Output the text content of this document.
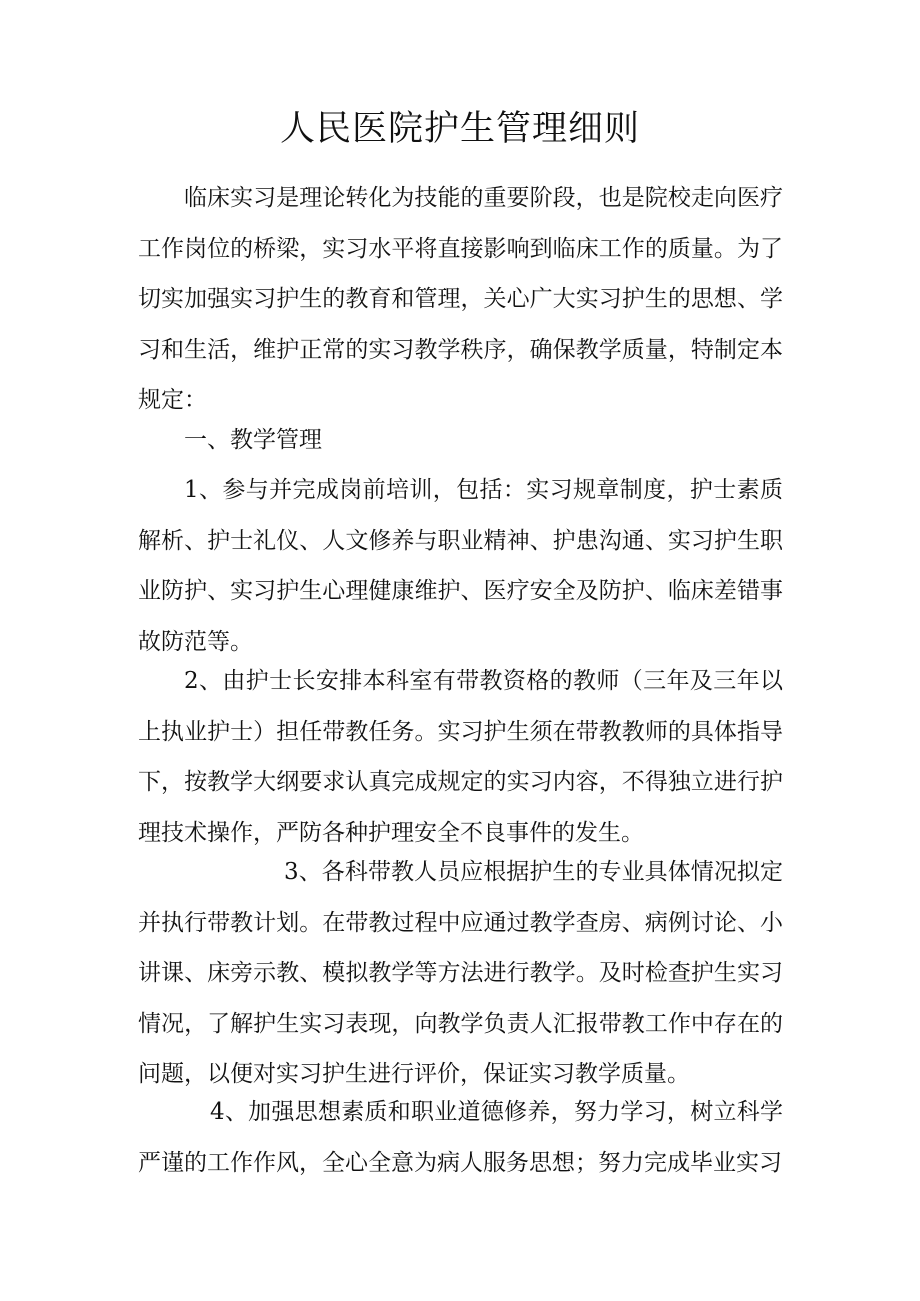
人民医院护生管理细则

临床实习是理论转化为技能的重要阶段，也是院校走向医疗工作岗位的桥梁，实习水平将直接影响到临床工作的质量。为了切实加强实习护生的教育和管理，关心广大实习护生的思想、学习和生活，维护正常的实习教学秩序，确保教学质量，特制定本规定：

一、教学管理

1、参与并完成岗前培训，包括：实习规章制度，护士素质解析、护士礼仪、人文修养与职业精神、护患沟通、实习护生职业防护、实习护生心理健康维护、医疗安全及防护、临床差错事故防范等。

2、由护士长安排本科室有带教资格的教师（三年及三年以上执业护士）担任带教任务。实习护生须在带教教师的具体指导下，按教学大纲要求认真完成规定的实习内容，不得独立进行护理技术操作，严防各种护理安全不良事件的发生。

3、各科带教人员应根据护生的专业具体情况拟定并执行带教计划。在带教过程中应通过教学查房、病例讨论、小讲课、床旁示教、模拟教学等方法进行教学。及时检查护生实习情况，了解护生实习表现，向教学负责人汇报带教工作中存在的问题，以便对实习护生进行评价，保证实习教学质量。

4、加强思想素质和职业道德修养，努力学习，树立科学严谨的工作作风，全心全意为病人服务思想；努力完成毕业实习
